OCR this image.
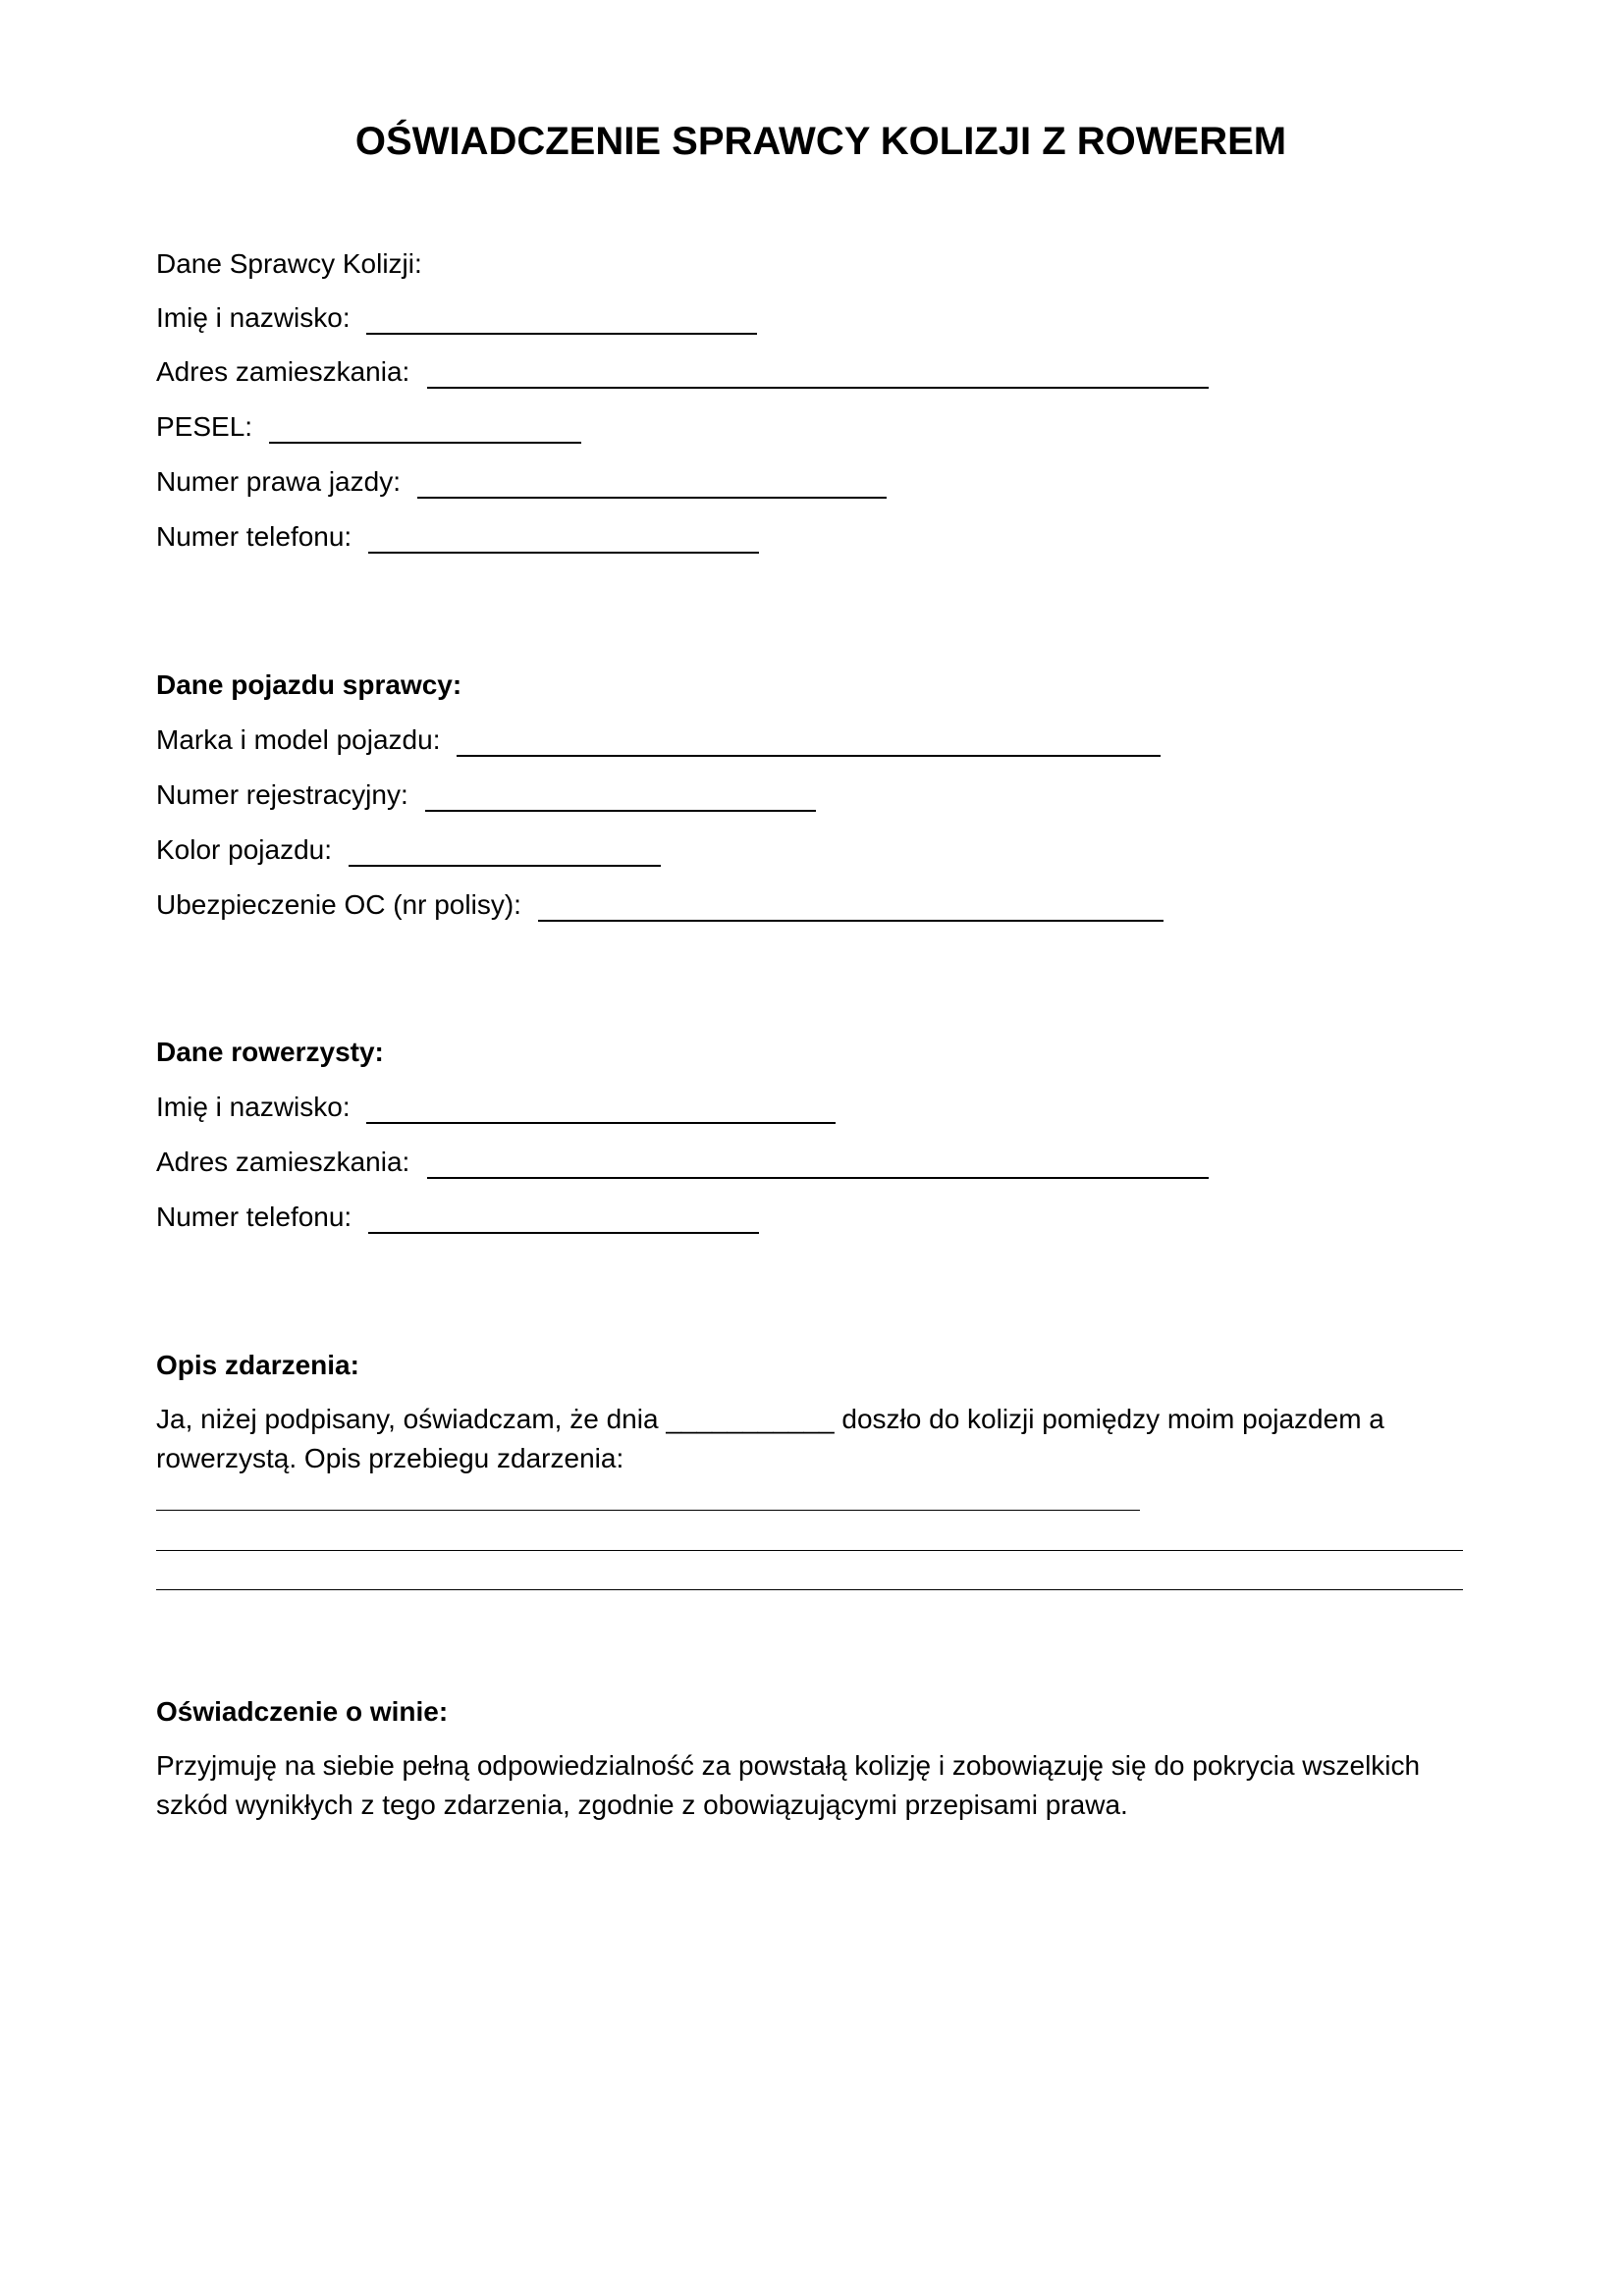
OŚWIADCZENIE SPRAWCY KOLIZJI Z ROWEREM
Dane Sprawcy Kolizji:
Imię i nazwisko:
Adres zamieszkania:
PESEL:
Numer prawa jazdy:
Numer telefonu:
Dane pojazdu sprawcy:
Marka i model pojazdu:
Numer rejestracyjny:
Kolor pojazdu:
Ubezpieczenie OC (nr polisy):
Dane rowerzysty:
Imię i nazwisko:
Adres zamieszkania:
Numer telefonu:
Opis zdarzenia:
Ja, niżej podpisany, oświadczam, że dnia ___________ doszło do kolizji pomiędzy moim pojazdem a rowerzystą. Opis przebiegu zdarzenia:
Oświadczenie o winie:
Przyjmuję na siebie pełną odpowiedzialność za powstałą kolizję i zobowiązuję się do pokrycia wszelkich szkód wynikłych z tego zdarzenia, zgodnie z obowiązującymi przepisami prawa.
